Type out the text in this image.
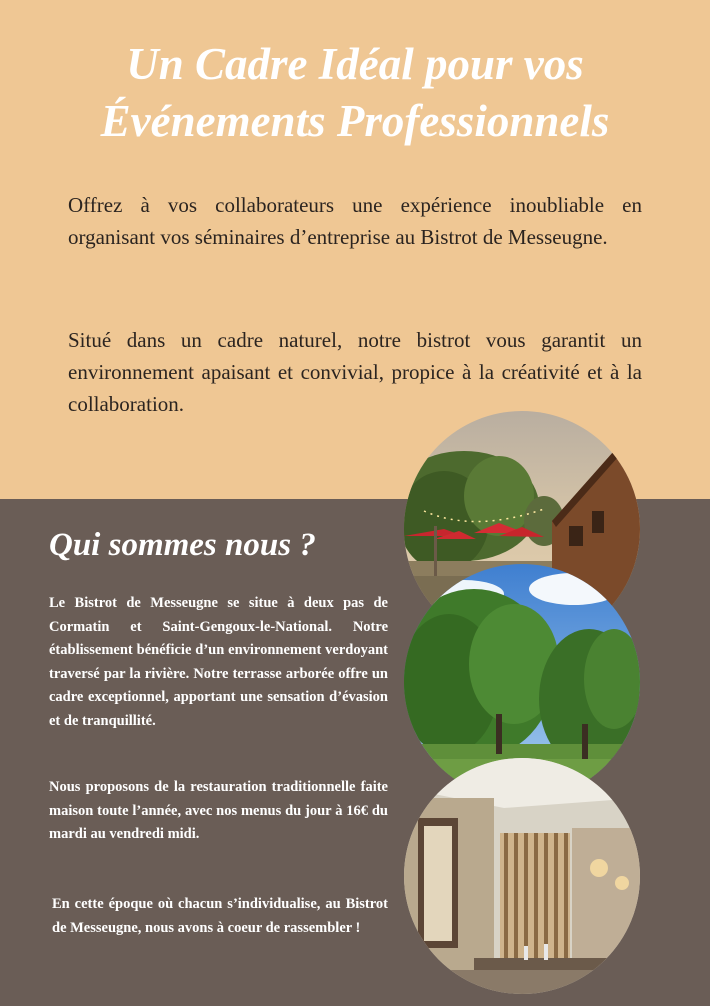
Un Cadre Idéal pour vos
Événements Professionnels

Offrez à vos collaborateurs une expérience inoubliable en organisant vos séminaires d’entreprise au Bistrot de Messeugne.

Situé dans un cadre naturel, notre bistrot vous garantit un environnement apaisant et convivial, propice à la créativité et à la collaboration.

Qui sommes nous ?

Le Bistrot de Messeugne se situe à deux pas de Cormatin et Saint-Gengoux-le-National. Notre établissement bénéficie d’un environnement verdoyant traversé par la rivière. Notre terrasse arborée offre un cadre exceptionnel, apportant une sensation d’évasion et de tranquillité.

Nous proposons de la restauration traditionnelle faite maison toute l’année, avec nos menus du jour à 16€ du mardi au vendredi midi.

En cette époque où chacun s’individualise, au Bistrot de Messeugne, nous avons à coeur de rassembler !
